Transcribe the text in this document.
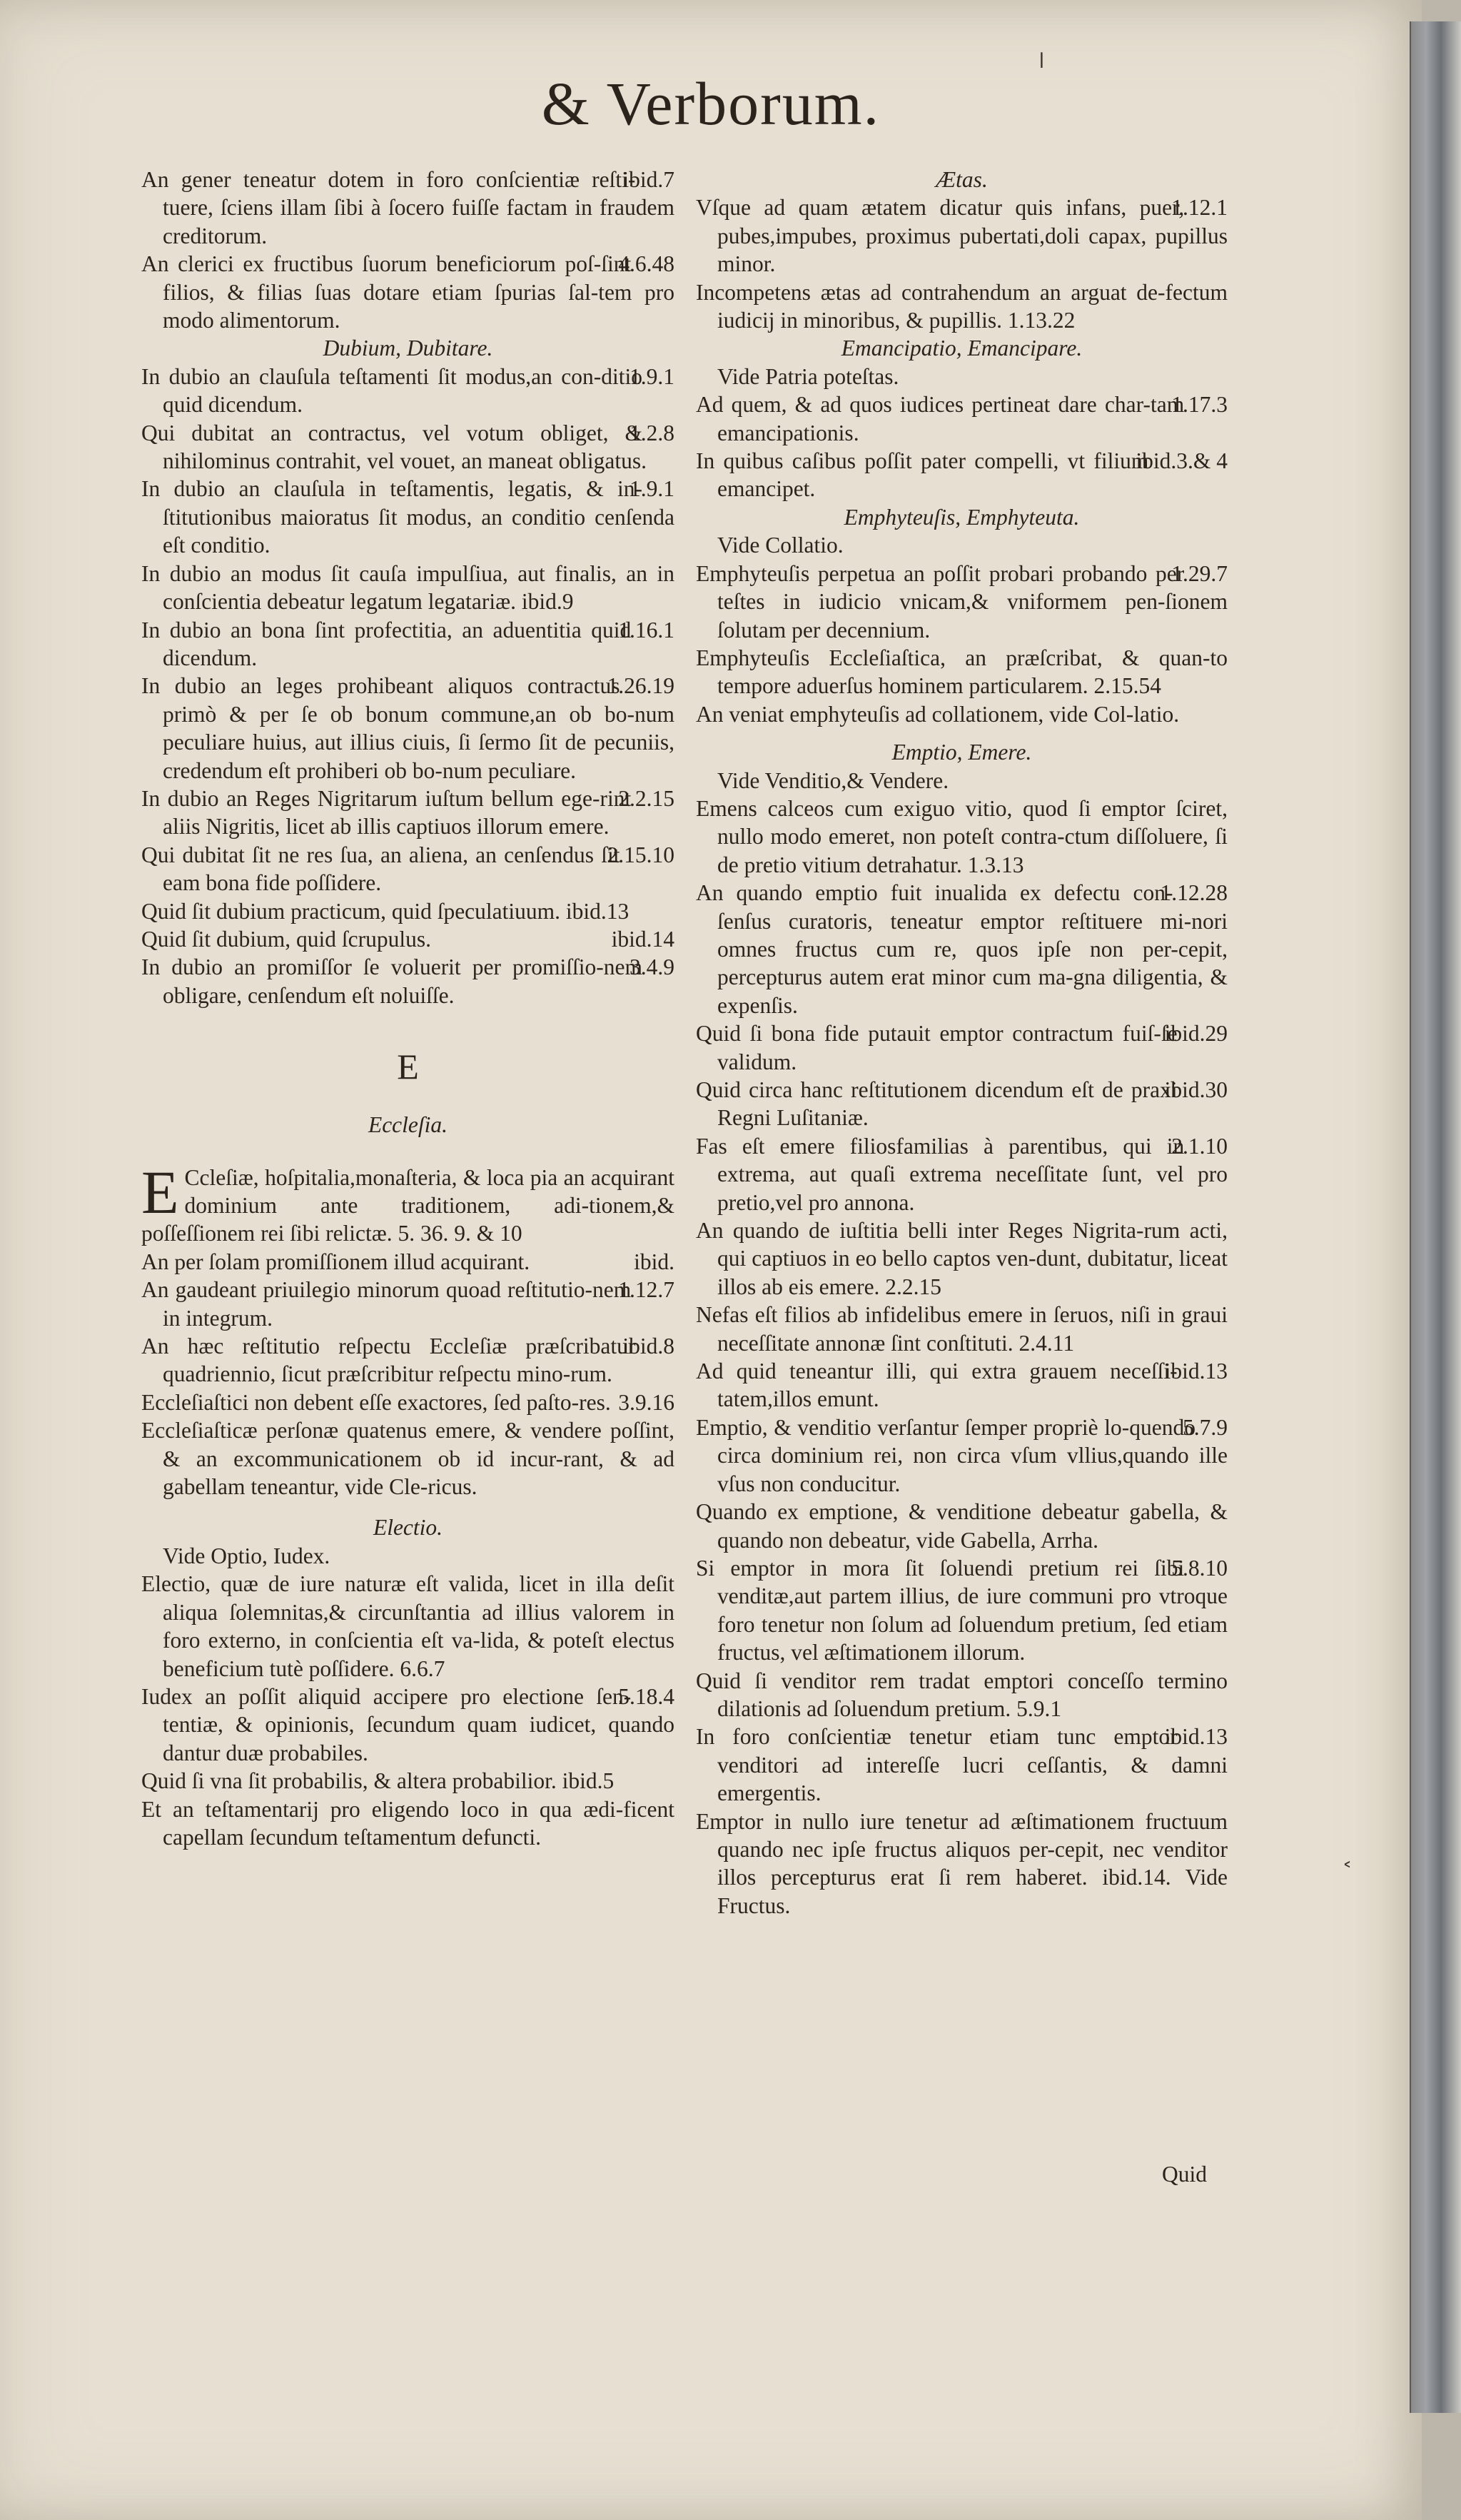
& Verborum.

ibid.7
An gener teneatur dotem in foro conſcientiæ reſti-tuere, ſciens illam ſibi à ſocero fuiſſe factam in fraudem creditorum.

4.6.48
An clerici ex fructibus ſuorum beneficiorum poſ-ſint filios, & filias ſuas dotare etiam ſpurias ſal-tem pro modo alimentorum.

Dubium, Dubitare.

1.9.1
In dubio an clauſula teſtamenti ſit modus,an con-ditio quid dicendum.

1.2.8
Qui dubitat an contractus, vel votum obliget, & nihilominus contrahit, vel vouet, an maneat obligatus.

1.9.1
In dubio an clauſula in teſtamentis, legatis, & in-ſtitutionibus maioratus ſit modus, an conditio cenſenda eſt conditio.

In dubio an modus ſit cauſa impulſiua, aut finalis, an in conſcientia debeatur legatum legatariæ. ibid.9

1.16.1
In dubio an bona ſint profectitia, an aduentitia quid dicendum.

1.26.19
In dubio an leges prohibeant aliquos contractus primò & per ſe ob bonum commune,an ob bo-num peculiare huius, aut illius ciuis, ſi ſermo ſit de pecuniis, credendum eſt prohiberi ob bo-num peculiare.

2.2.15
In dubio an Reges Nigritarum iuſtum bellum ege-rint aliis Nigritis, licet ab illis captiuos illorum emere.

2.15.10
Qui dubitat ſit ne res ſua, an aliena, an cenſendus ſit eam bona fide poſſidere.

Quid ſit dubium practicum, quid ſpeculatiuum. ibid.13

ibid.14
Quid ſit dubium, quid ſcrupulus.

3.4.9
In dubio an promiſſor ſe voluerit per promiſſio-nem obligare, cenſendum eſt noluiſſe.

E

Eccleſia.

E Ccleſiæ, hoſpitalia,monaſteria, & loca pia an acquirant dominium ante traditionem, adi-tionem,& poſſeſſionem rei ſibi relictæ. 5. 36. 9. & 10

ibid.
An per ſolam promiſſionem illud acquirant.

1.12.7
An gaudeant priuilegio minorum quoad reſtitutio-nem in integrum.

ibid.8
An hæc reſtitutio reſpectu Eccleſiæ præſcribatur quadriennio, ſicut præſcribitur reſpectu mino-rum.

3.9.16
Eccleſiaſtici non debent eſſe exactores, ſed paſto-res.

Eccleſiaſticæ perſonæ quatenus emere, & vendere poſſint, & an excommunicationem ob id incur-rant, & ad gabellam teneantur, vide Cle-ricus.

Electio.

Vide Optio, Iudex.

Electio, quæ de iure naturæ eſt valida, licet in illa deſit aliqua ſolemnitas,& circunſtantia ad illius valorem in foro externo, in conſcientia eſt va-lida, & poteſt electus beneficium tutè poſſidere. 6.6.7

5.18.4
Iudex an poſſit aliquid accipere pro electione ſen-tentiæ, & opinionis, ſecundum quam iudicet, quando dantur duæ probabiles.

Quid ſi vna ſit probabilis, & altera probabilior. ibid.5

Et an teſtamentarij pro eligendo loco in qua ædi-ficent capellam ſecundum teſtamentum defuncti.

Ætas.

1.12.1
Vſque ad quam ætatem dicatur quis infans, puer, pubes,impubes, proximus pubertati,doli capax, pupillus minor.

Incompetens ætas ad contrahendum an arguat de-fectum iudicij in minoribus, & pupillis. 1.13.22

Emancipatio, Emancipare.

Vide Patria poteſtas.

1.17.3
Ad quem, & ad quos iudices pertineat dare char-tam emancipationis.

ibid.3.& 4
In quibus caſibus poſſit pater compelli, vt filium emancipet.

Emphyteuſis, Emphyteuta.

Vide Collatio.

1.29.7
Emphyteuſis perpetua an poſſit probari probando per teſtes in iudicio vnicam,& vniformem pen-ſionem ſolutam per decennium.

Emphyteuſis Eccleſiaſtica, an præſcribat, & quan-to tempore aduerſus hominem particularem. 2.15.54

An veniat emphyteuſis ad collationem, vide Col-latio.

Emptio, Emere.

Vide Venditio,& Vendere.

Emens calceos cum exiguo vitio, quod ſi emptor ſciret, nullo modo emeret, non poteſt contra-ctum diſſoluere, ſi de pretio vitium detrahatur. 1.3.13

1.12.28
An quando emptio fuit inualida ex defectu con-ſenſus curatoris, teneatur emptor reſtituere mi-nori omnes fructus cum re, quos ipſe non per-cepit, percepturus autem erat minor cum ma-gna diligentia, & expenſis.

ibid.29
Quid ſi bona fide putauit emptor contractum fuiſ-ſe validum.

ibid.30
Quid circa hanc reſtitutionem dicendum eſt de praxi Regni Luſitaniæ.

2.1.10
Fas eſt emere filiosfamilias à parentibus, qui in extrema, aut quaſi extrema neceſſitate ſunt, vel pro pretio,vel pro annona.

An quando de iuſtitia belli inter Reges Nigrita-rum acti, qui captiuos in eo bello captos ven-dunt, dubitatur, liceat illos ab eis emere. 2.2.15

Nefas eſt filios ab infidelibus emere in ſeruos, niſi in graui neceſſitate annonæ ſint conſtituti. 2.4.11

ibid.13
Ad quid teneantur illi, qui extra grauem neceſſi-tatem,illos emunt.

5.7.9
Emptio, & venditio verſantur ſemper propriè lo-quendo circa dominium rei, non circa vſum vllius,quando ille vſus non conducitur.

Quando ex emptione, & venditione debeatur gabella, & quando non debeatur, vide Gabella, Arrha.

5.8.10
Si emptor in mora ſit ſoluendi pretium rei ſibi venditæ,aut partem illius, de iure communi pro vtroque foro tenetur non ſolum ad ſoluendum pretium, ſed etiam fructus, vel æſtimationem illorum.

Quid ſi venditor rem tradat emptori conceſſo termino dilationis ad ſoluendum pretium. 5.9.1

ibid.13
In foro conſcientiæ tenetur etiam tunc emptor venditori ad intereſſe lucri ceſſantis, & damni emergentis.

Emptor in nullo iure tenetur ad æſtimationem fructuum quando nec ipſe fructus aliquos per-cepit, nec venditor illos percepturus erat ſi rem haberet. ibid.14. Vide Fructus.

Quid
˂
ǀ
